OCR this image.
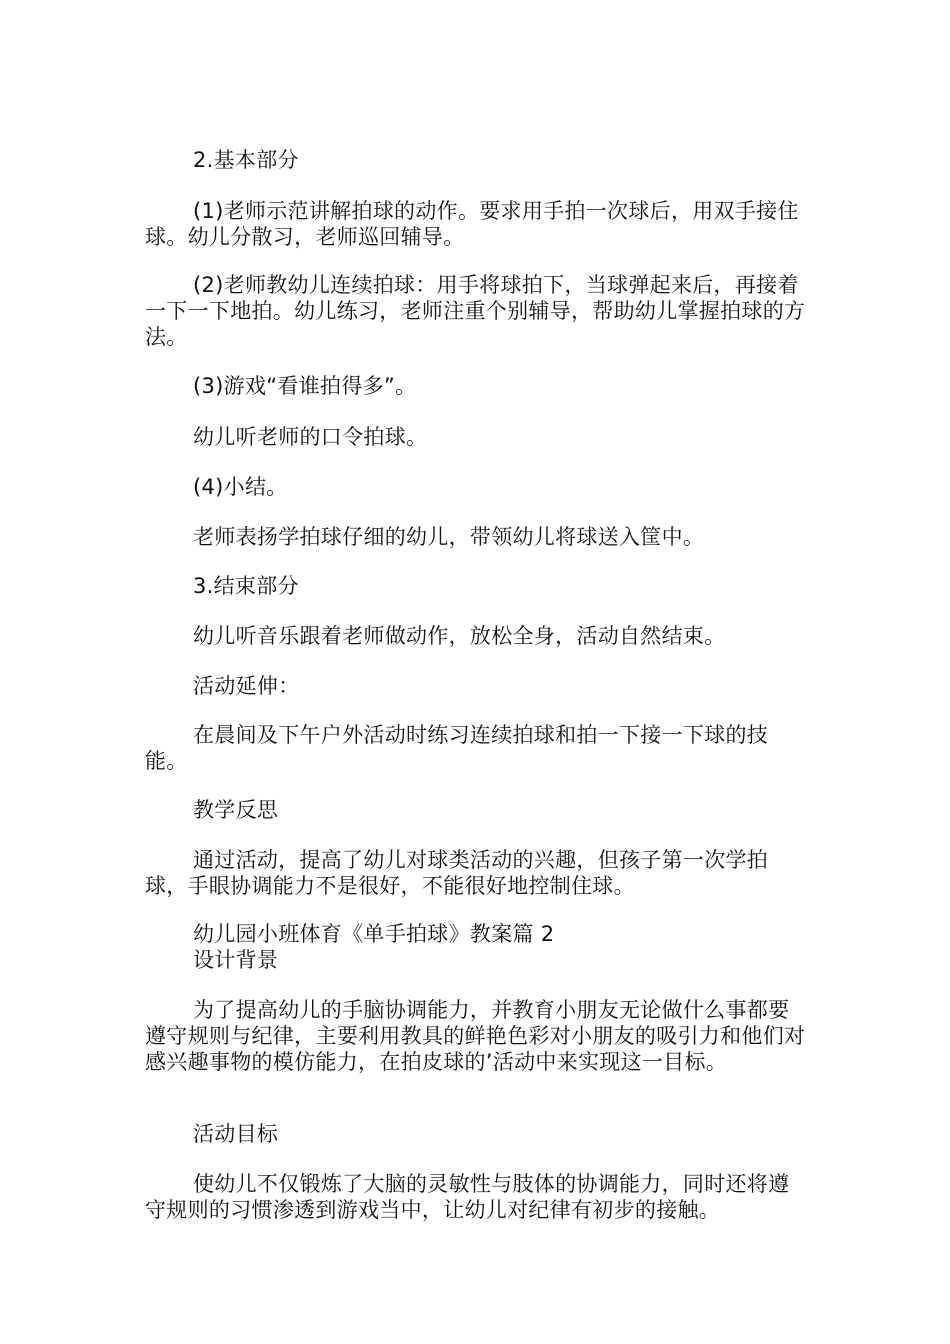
2.基本部分

(1)老师示范讲解拍球的动作。要求用手拍一次球后，用双手接住球。幼儿分散习，老师巡回辅导。

(2)老师教幼儿连续拍球：用手将球拍下，当球弹起来后，再接着一下一下地拍。幼儿练习，老师注重个别辅导，帮助幼儿掌握拍球的方法。

(3)游戏“看谁拍得多”。

幼儿听老师的口令拍球。

(4)小结。

老师表扬学拍球仔细的幼儿，带领幼儿将球送入筐中。

3.结束部分

幼儿听音乐跟着老师做动作，放松全身，活动自然结束。

活动延伸：

在晨间及下午户外活动时练习连续拍球和拍一下接一下球的技能。

教学反思

通过活动，提高了幼儿对球类活动的兴趣，但孩子第一次学拍球，手眼协调能力不是很好，不能很好地控制住球。

幼儿园小班体育《单手拍球》教案篇 2

设计背景

为了提高幼儿的手脑协调能力，并教育小朋友无论做什么事都要遵守规则与纪律，主要利用教具的鲜艳色彩对小朋友的吸引力和他们对感兴趣事物的模仿能力，在拍皮球的’活动中来实现这一目标。

活动目标

使幼儿不仅锻炼了大脑的灵敏性与肢体的协调能力，同时还将遵守规则的习惯渗透到游戏当中，让幼儿对纪律有初步的接触。
